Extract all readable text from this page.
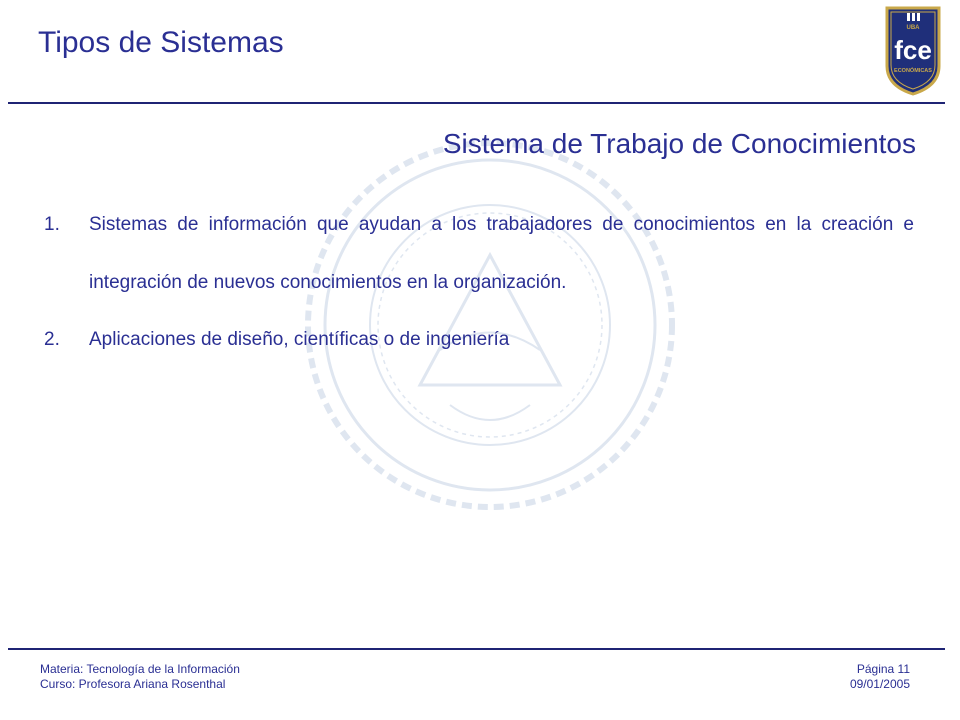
Tipos de Sistemas	UBA
fce
ECONÓMICAS
Sistema de Trabajo de Conocimientos
1. Sistemas de información que ayudan a los trabajadores de conocimientos en la creación e integración de nuevos conocimientos en la organización.
2. Aplicaciones de diseño, científicas o de ingeniería
Materia: Tecnología de la Información
Curso: Profesora Ariana Rosenthal
Página 11
09/01/2005
